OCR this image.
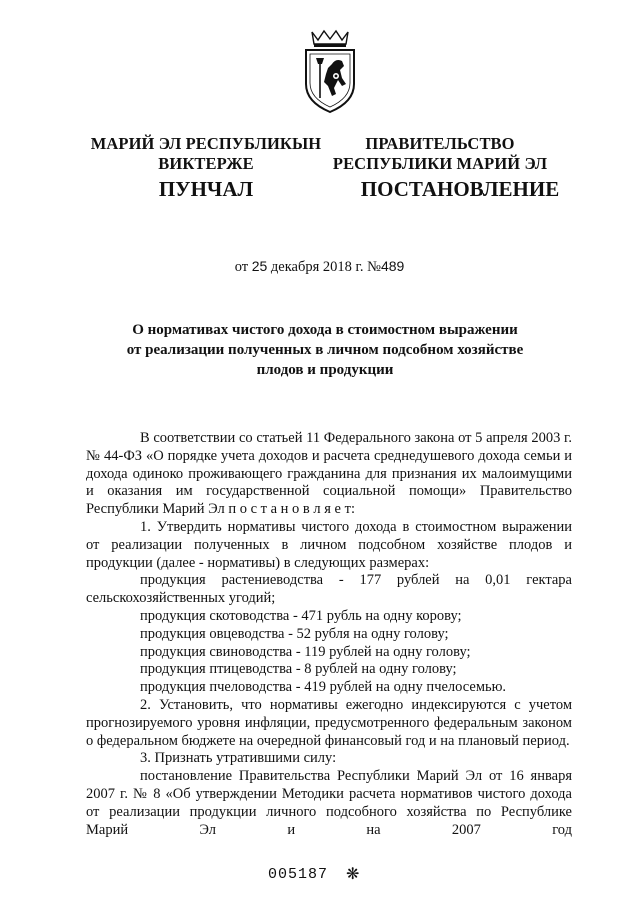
МАРИЙ ЭЛ РЕСПУБЛИКЫН
ВИКТЕРЖЕ
ПРАВИТЕЛЬСТВО
РЕСПУБЛИКИ МАРИЙ ЭЛ
ПУНЧАЛ	ПОСТАНОВЛЕНИЕ
от 25 декабря 2018 г. №489
О нормативах чистого дохода в стоимостном выражении
от реализации полученных в личном подсобном хозяйстве
плодов и продукции

В соответствии со статьей 11 Федерального закона от 5 апреля 2003 г. № 44-ФЗ «О порядке учета доходов и расчета среднедушевого дохода семьи и дохода одиноко проживающего гражданина для признания их малоимущими и оказания им государственной социальной помощи» Правительство Республики Марий Эл п о с т а н о в л я е т:

1. Утвердить нормативы чистого дохода в стоимостном выражении от реализации полученных в личном подсобном хозяйстве плодов и продукции (далее - нормативы) в следующих размерах:

продукция растениеводства - 177 рублей на 0,01 гектара сельскохозяйственных угодий;

продукция скотоводства - 471 рубль на одну корову;

продукция овцеводства - 52 рубля на одну голову;

продукция свиноводства - 119 рублей на одну голову;

продукция птицеводства - 8 рублей на одну голову;

продукция пчеловодства - 419 рублей на одну пчелосемью.

2. Установить, что нормативы ежегодно индексируются с учетом прогнозируемого уровня инфляции, предусмотренного федеральным законом о федеральном бюджете на очередной финансовый год и на плановый период.

3. Признать утратившими силу:

постановление Правительства Республики Марий Эл от 16 января 2007 г. № 8 «Об утверждении Методики расчета нормативов чистого дохода от реализации продукции личного подсобного хозяйства по Республике Марий Эл и на 2007 год

005187 ❋
